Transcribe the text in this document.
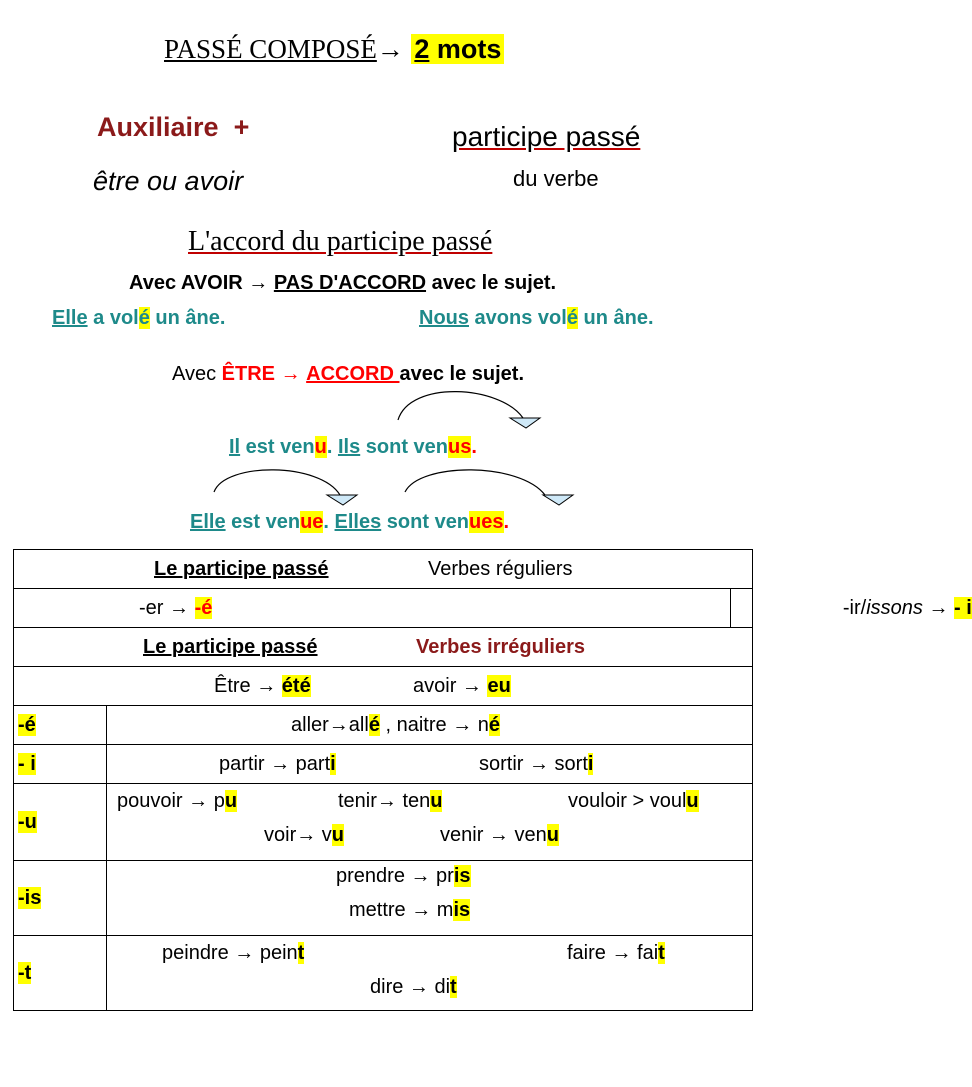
PASSÉ COMPOSÉ→ 2 mots
Auxiliaire +
être ou avoir
participe passé
du verbe
L'accord du participe passé
Avec AVOIR → PAS D'ACCORD avec le sujet.
Elle a volé un âne.	Nous avons volé un âne.
Avec ÊTRE → ACCORD avec le sujet.
Il est venu. Ils sont venus.
Elle est venue. Elles sont venues.
Le participe passé Verbes réguliers		

-er → -é		-ir/issons → - i

Le participe passé Verbes irréguliers		

Être → été avoir → eu		

-é	aller→allé , naitre → né	

- i	partir → parti sortir → sorti	

-u	pouvoir → pu tenir→ tenu vouloir > voulu
voir→ vu venir → venu	

-is	prendre → pris
mettre → mis	

-t	peindre → peint faire → fait
dire → dit	
